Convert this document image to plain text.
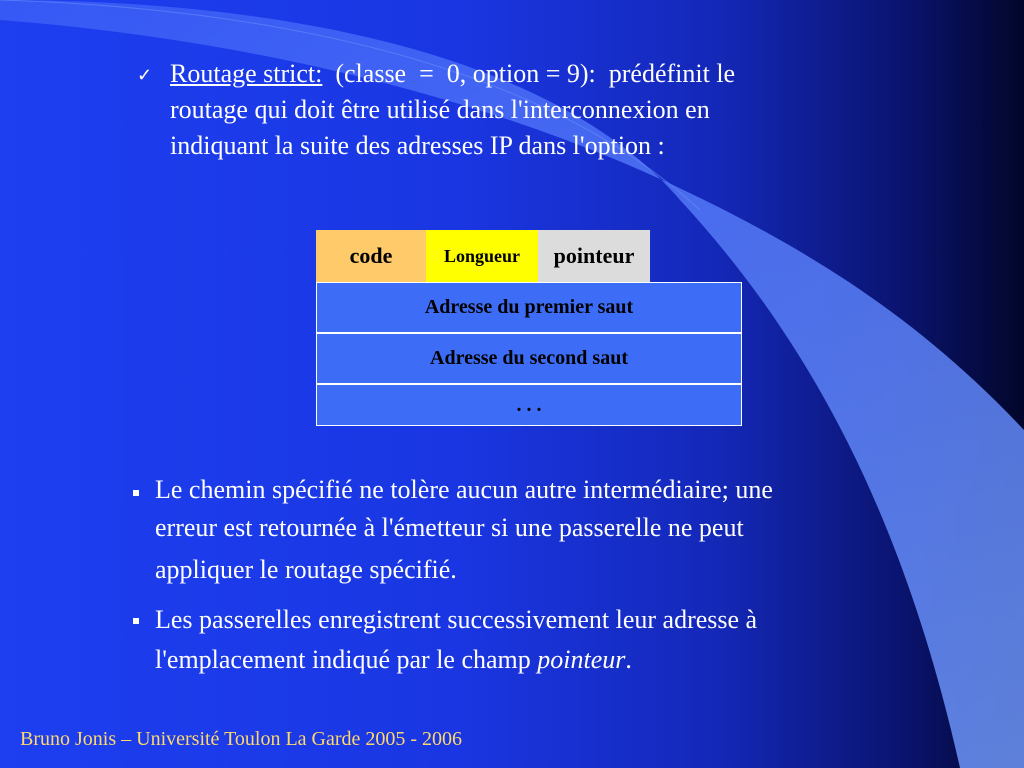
✓ Routage strict:  (classe  =  0, option = 9):  prédéfinit le
routage qui doit être utilisé dans l'interconnexion en
indiquant la suite des adresses IP dans l'option :
code	Longueur	pointeur
Adresse du premier saut
Adresse du second saut
. . .
Le chemin spécifié ne tolère aucun autre intermédiaire; une
erreur est retournée à l'émetteur si une passerelle ne peut
appliquer le routage spécifié.
Les passerelles enregistrent successivement leur adresse à
l'emplacement indiqué par le champ pointeur.
Bruno Jonis – Université Toulon La Garde 2005 - 2006
